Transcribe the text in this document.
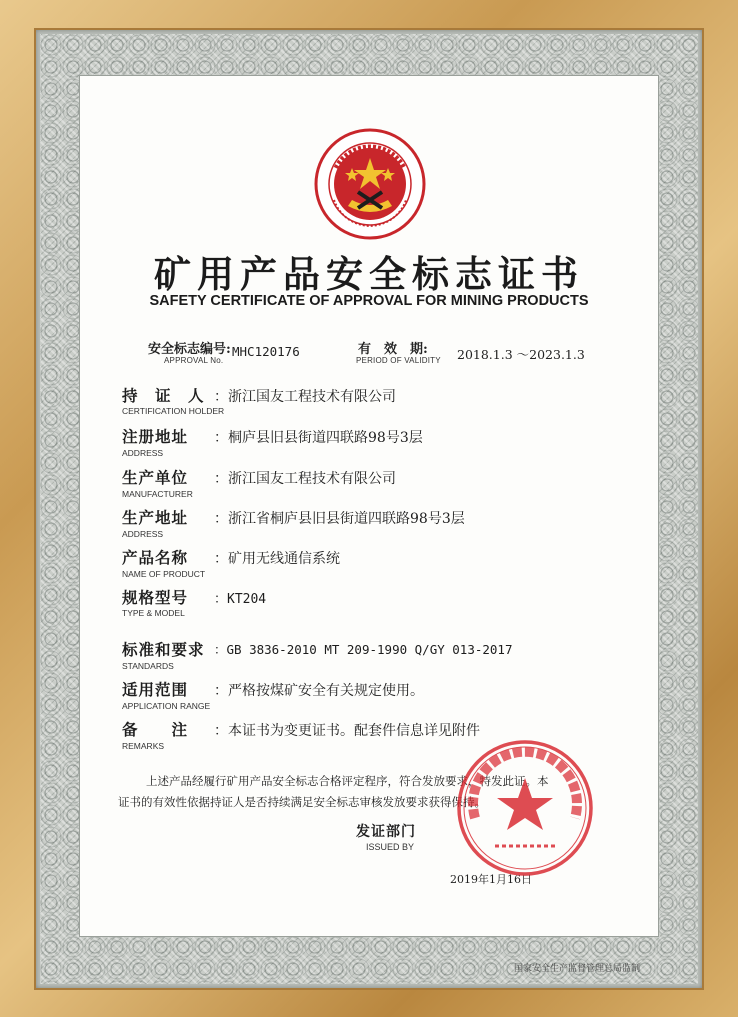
矿用产品安全标志证书
SAFETY CERTIFICATE OF APPROVAL FOR MINING PRODUCTS
安全标志编号:
APPROVAL No.
MHC120176	有　效　期:
PERIOD OF VALIDITY 2018.1.3 ～2023.1.3
持　证　人
CERTIFICATION HOLDER
：浙江国友工程技术有限公司
注册地址
ADDRESS
：桐庐县旧县街道四联路98号3层
生产单位
MANUFACTURER
：浙江国友工程技术有限公司
生产地址
ADDRESS
：浙江省桐庐县旧县街道四联路98号3层
产品名称
NAME OF PRODUCT
：矿用无线通信系统
规格型号
TYPE & MODEL
：KT204
标准和要求
STANDARDS
：GB 3836-2010 MT 209-1990 Q/GY 013-2017
适用范围
APPLICATION RANGE
：严格按煤矿安全有关规定使用。
备　　注
REMARKS
：本证书为变更证书。配套件信息详见附件
上述产品经履行矿用产品安全标志合格评定程序，符合发放要求，特发此证。本
证书的有效性依据持证人是否持续满足安全标志审核发放要求获得保持。
发证部门
ISSUED BY
2019年1月16日
国家安全生产监督管理总局监制
